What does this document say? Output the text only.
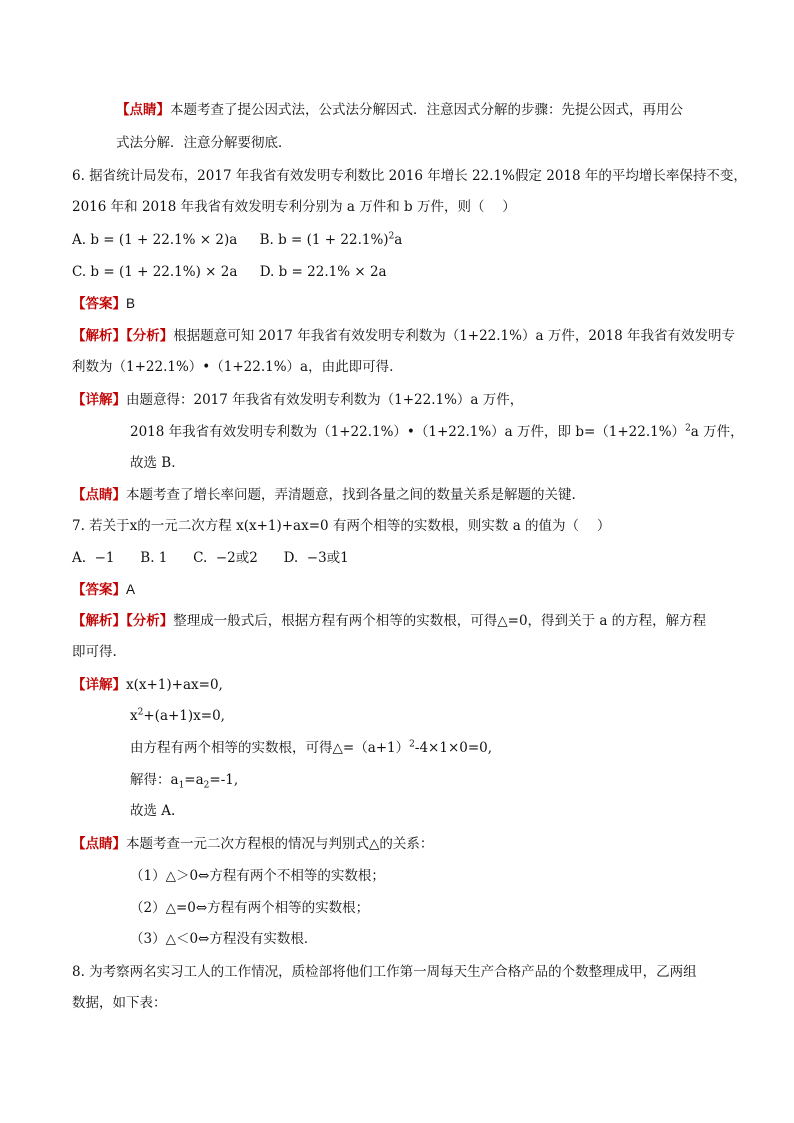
【点睛】本题考查了提公因式法，公式法分解因式．注意因式分解的步骤：先提公因式，再用公
式法分解．注意分解要彻底．
6. 据省统计局发布，2017 年我省有效发明专利数比 2016 年增长 22.1%假定 2018 年的平均增长率保持不变，
2016 年和 2018 年我省有效发明专利分别为 a 万件和 b 万件，则（　 ）
A. b = (1 + 22.1% × 2)a B. $b = (1 + 22.1\%)^2a$
C. b = (1 + 22.1%) × 2a D. b = 22.1% × 2a
【答案】B
【解析】【分析】根据题意可知 2017 年我省有效发明专利数为（1+22.1%）a 万件，2018 年我省有效发明专
利数为（1+22.1%）•（1+22.1%）a，由此即可得.
【详解】由题意得：2017 年我省有效发明专利数为（1+22.1%）a 万件，
2018 年我省有效发明专利数为（1+22.1%）•（1+22.1%）a 万件，即 $b=(1+22.1\%)^2a$ 万件，
故选 B.
【点睛】本题考查了增长率问题，弄清题意，找到各量之间的数量关系是解题的关键.
7. 若关于x的一元二次方程 x(x+1)+ax=0 有两个相等的实数根，则实数 a 的值为（　 ）
A.  −1      B. 1      C.  −2或2      D.  −3或1
【答案】A
【解析】【分析】整理成一般式后，根据方程有两个相等的实数根，可得△=0，得到关于 a 的方程，解方程
即可得.
【详解】x(x+1)+ax=0,
$x^2+(a+1)x=0$,
由方程有两个相等的实数根，可得$\triangle=(a+1)^2-4\times 1\times 0=0$,
解得：$a_1=a_2=-1$,
故选 A.
【点睛】本题考查一元二次方程根的情况与判别式△的关系：
（1）△＞0⇔方程有两个不相等的实数根；
（2）△=0⇔方程有两个相等的实数根；
（3）△＜0⇔方程没有实数根．
8. 为考察两名实习工人的工作情况，质检部将他们工作第一周每天生产合格产品的个数整理成甲，乙两组
数据，如下表：
